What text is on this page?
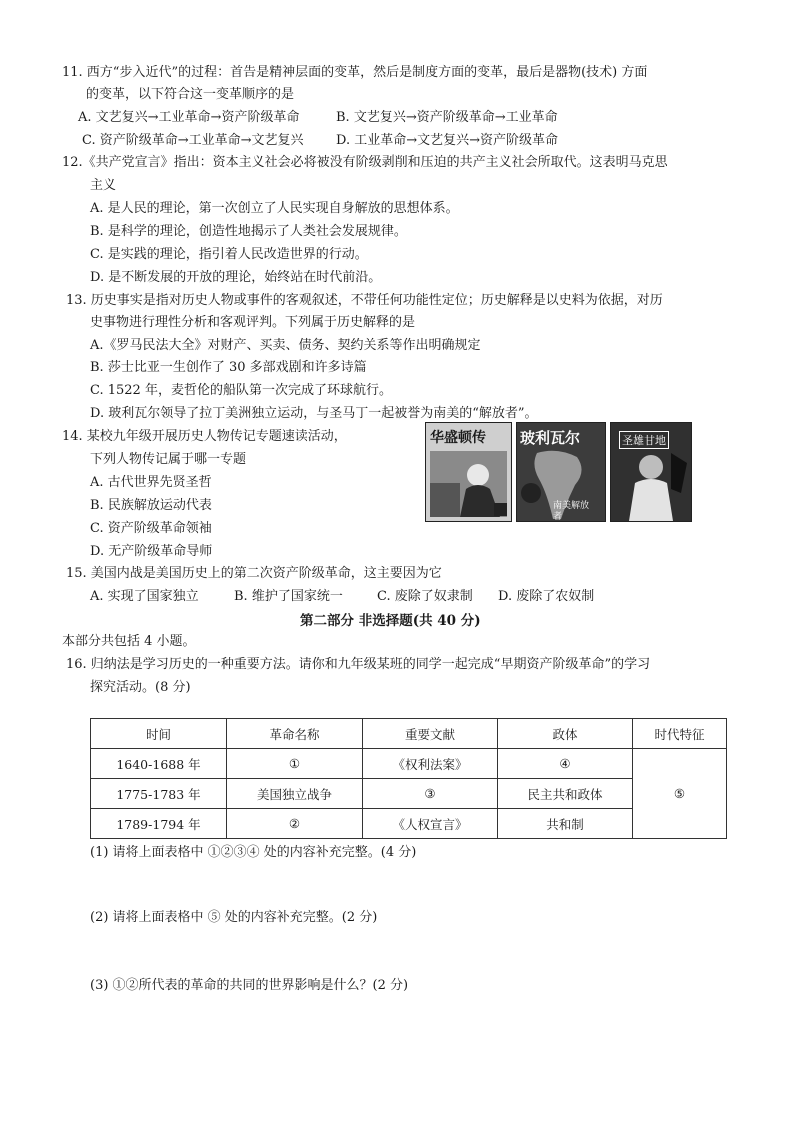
11. 西方“步入近代”的过程：首告是精神层面的变革，然后是制度方面的变革，最后是器物(技术) 方面
的变革，以下符合这一变革顺序的是
A. 文艺复兴→工业革命→资产阶级革命	B. 文艺复兴→资产阶级革命→工业革命
C. 资产阶级革命→工业革命→文艺复兴 D. 工业革命→文艺复兴→资产阶级革命
12.《共产党宣言》指出：资本主义社会必将被没有阶级剥削和压迫的共产主义社会所取代。这表明马克思
主义
A. 是人民的理论，第一次创立了人民实现自身解放的思想体系。
B. 是科学的理论，创造性地揭示了人类社会发展规律。
C. 是实践的理论，指引着人民改造世界的行动。
D. 是不断发展的开放的理论，始终站在时代前沿。
13. 历史事实是指对历史人物或事件的客观叙述，不带任何功能性定位；历史解释是以史料为依据，对历
史事物进行理性分析和客观评判。下列属于历史解释的是
A.《罗马民法大全》对财产、买卖、债务、契约关系等作出明确规定
B. 莎士比亚一生创作了 30 多部戏剧和许多诗篇
C. 1522 年，麦哲伦的船队第一次完成了环球航行。
D. 玻利瓦尔领导了拉丁美洲独立运动，与圣马丁一起被誉为南美的“解放者”。
14. 某校九年级开展历史人物传记专题速读活动，
下列人物传记属于哪一专题
A. 古代世界先贤圣哲
B. 民族解放运动代表
C. 资产阶级革命领袖
D. 无产阶级革命导师
华盛顿传 玻利瓦尔
南美解放者
圣雄甘地
15. 美国内战是美国历史上的第二次资产阶级革命，这主要因为它
A. 实现了国家独立	B. 维护了国家统一	C. 废除了奴隶制 D. 废除了农奴制
第二部分 非选择题(共 40 分)
本部分共包括 4 小题。
16. 归纳法是学习历史的一种重要方法。请你和九年级某班的同学一起完成“早期资产阶级革命”的学习
探究活动。(8 分)
时间	革命名称	重要文献	政体	时代特征
1640-1688 年	①	《权利法案》	④	⑤
1775-1783 年	美国独立战争	③	民主共和政体	
1789-1794 年	②	《人权宣言》	共和制	
(1) 请将上面表格中 ①②③④ 处的内容补充完整。(4 分)
(2) 请将上面表格中 ⑤ 处的内容补充完整。(2 分)
(3) ①②所代表的革命的共同的世界影响是什么？(2 分)
